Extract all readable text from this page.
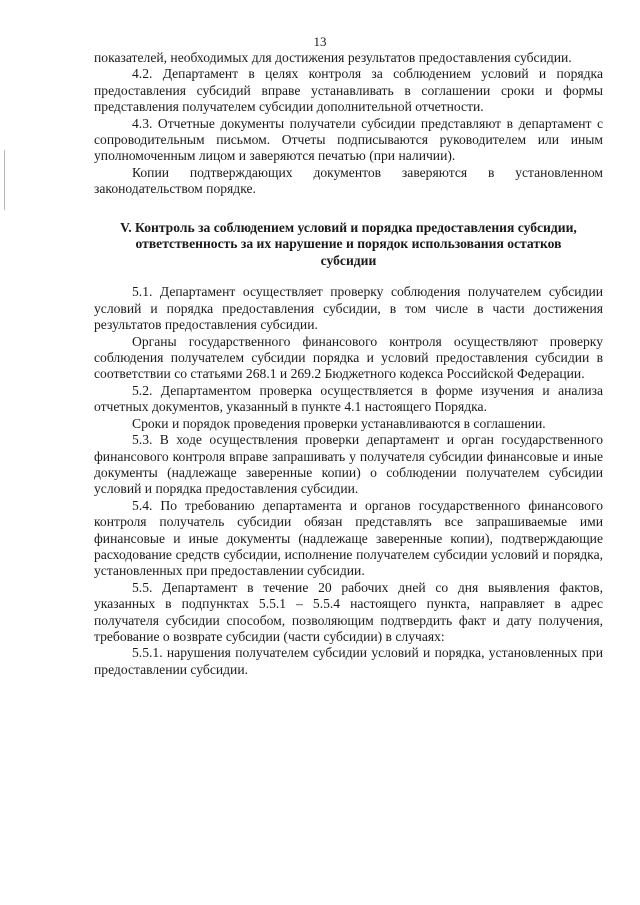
13

показателей, необходимых для достижения результатов предоставления субсидии.

4.2. Департамент в целях контроля за соблюдением условий и порядка предоставления субсидий вправе устанавливать в соглашении сроки и формы представления получателем субсидии дополнительной отчетности.

4.3. Отчетные документы получатели субсидии представляют в департамент с сопроводительным письмом. Отчеты подписываются руководителем или иным уполномоченным лицом и заверяются печатью (при наличии).

Копии подтверждающих документов заверяются в установленном законодательством порядке.

V. Контроль за соблюдением условий и порядка предоставления субсидии,
ответственность за их нарушение и порядок использования остатков
субсидии

5.1. Департамент осуществляет проверку соблюдения получателем субсидии условий и порядка предоставления субсидии, в том числе в части достижения результатов предоставления субсидии.

Органы государственного финансового контроля осуществляют проверку соблюдения получателем субсидии порядка и условий предоставления субсидии в соответствии со статьями 268.1 и 269.2 Бюджетного кодекса Российской Федерации.

5.2. Департаментом проверка осуществляется в форме изучения и анализа отчетных документов, указанный в пункте 4.1 настоящего Порядка.

Сроки и порядок проведения проверки устанавливаются в соглашении.

5.3. В ходе осуществления проверки департамент и орган государственного финансового контроля вправе запрашивать у получателя субсидии финансовые и иные документы (надлежаще заверенные копии) о соблюдении получателем субсидии условий и порядка предоставления субсидии.

5.4. По требованию департамента и органов государственного финансового контроля получатель субсидии обязан представлять все запрашиваемые ими финансовые и иные документы (надлежаще заверенные копии), подтверждающие расходование средств субсидии, исполнение получателем субсидии условий и порядка, установленных при предоставлении субсидии.

5.5. Департамент в течение 20 рабочих дней со дня выявления фактов, указанных в подпунктах 5.5.1 – 5.5.4 настоящего пункта, направляет в адрес получателя субсидии способом, позволяющим подтвердить факт и дату получения, требование о возврате субсидии (части субсидии) в случаях:

5.5.1. нарушения получателем субсидии условий и порядка, установленных при предоставлении субсидии.
